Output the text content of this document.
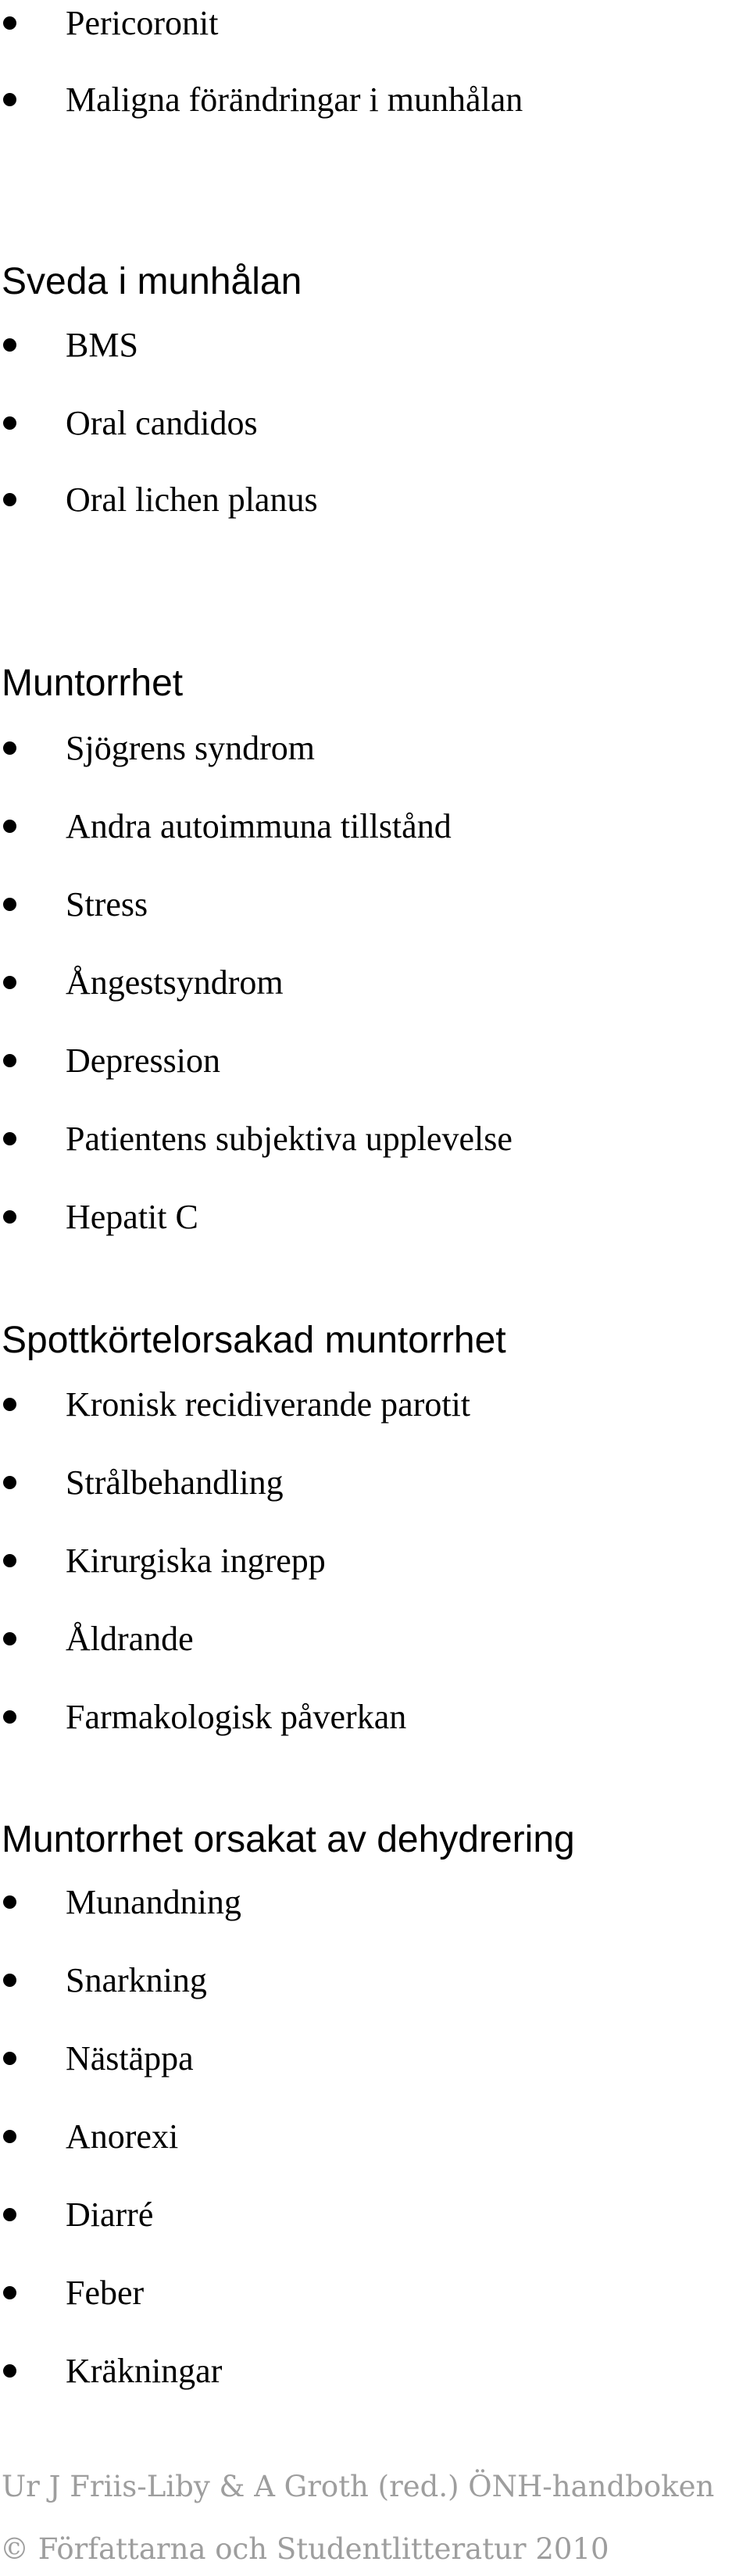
Pericoronit
Maligna förändringar i munhålan
Sveda i munhålan
BMS
Oral candidos
Oral lichen planus
Muntorrhet
Sjögrens syndrom
Andra autoimmuna tillstånd
Stress
Ångestsyndrom
Depression
Patientens subjektiva upplevelse
Hepatit C
Spottkörtelorsakad muntorrhet
Kronisk recidiverande parotit
Strålbehandling
Kirurgiska ingrepp
Åldrande
Farmakologisk påverkan
Muntorrhet orsakat av dehydrering
Munandning
Snarkning
Nästäppa
Anorexi
Diarré
Feber
Kräkningar
Ur J Friis-Liby & A Groth (red.) ÖNH-handboken
© Författarna och Studentlitteratur 2010
